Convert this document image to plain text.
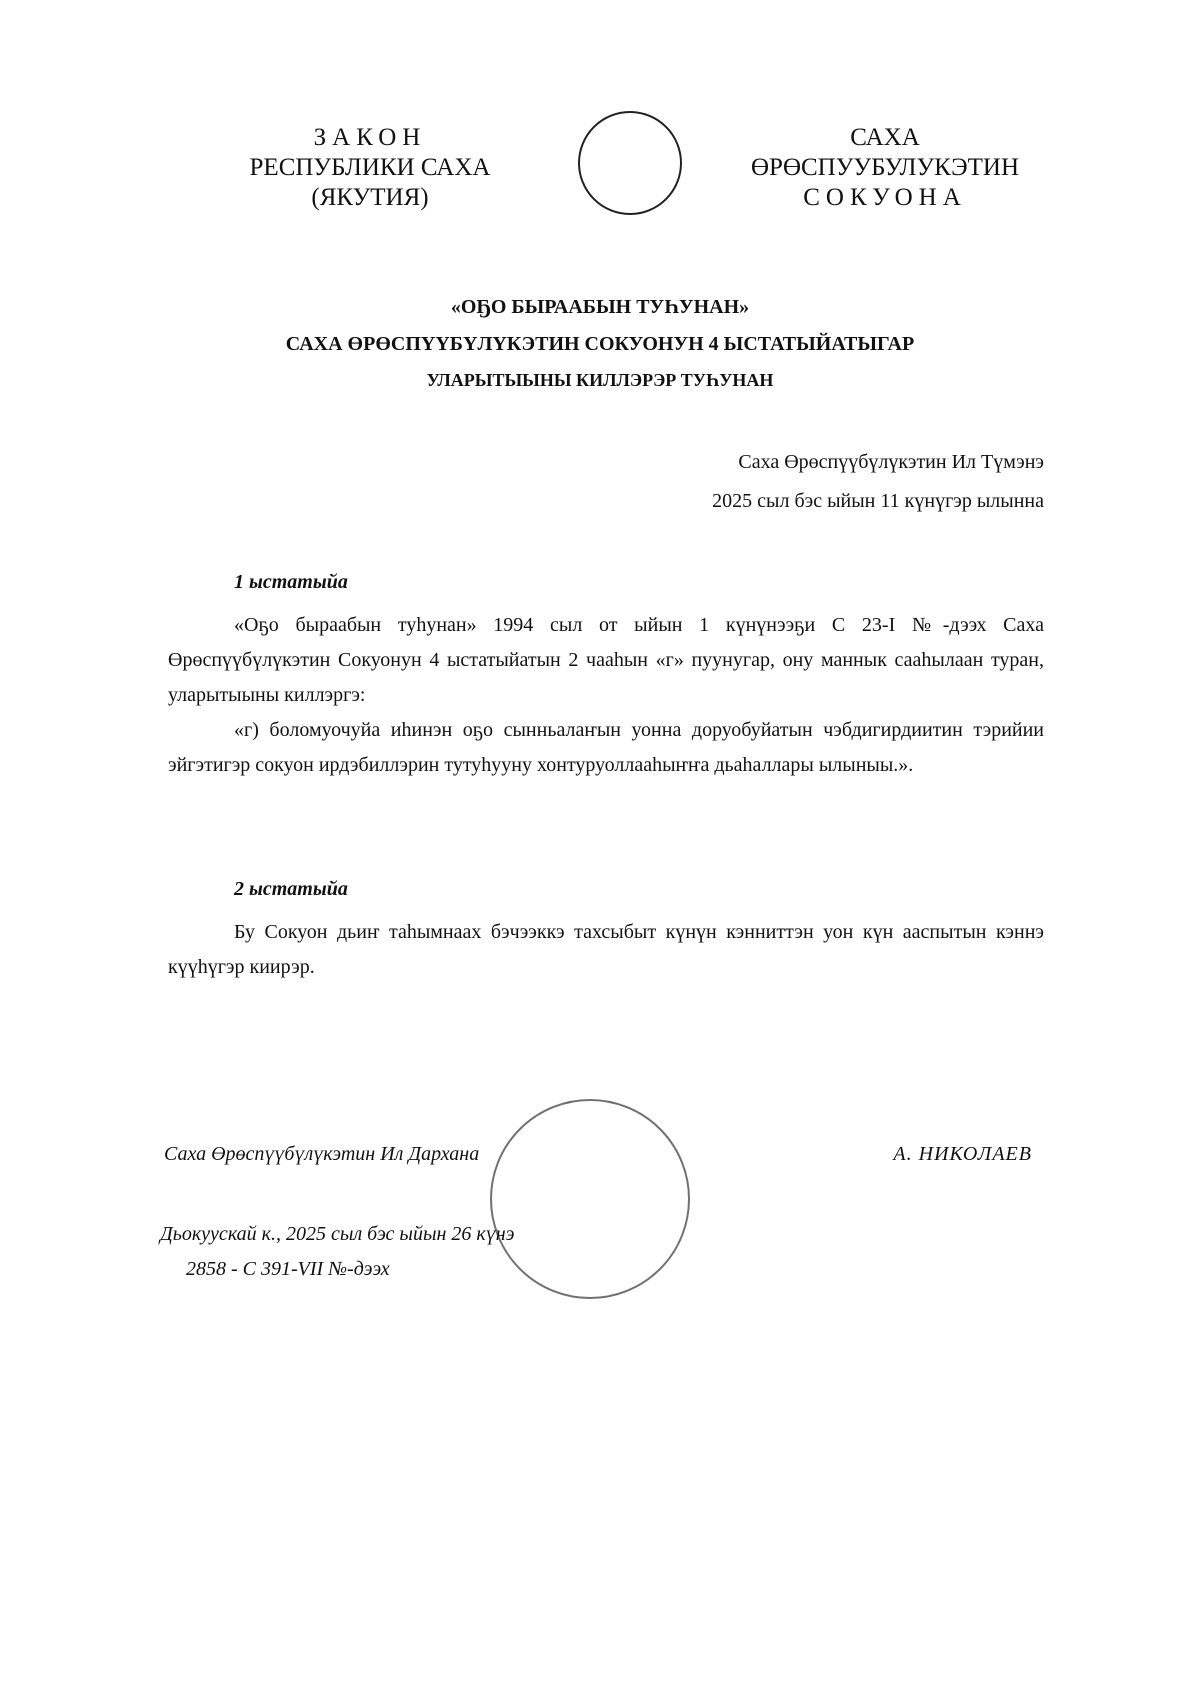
ЗАКОН
РЕСПУБЛИКИ САХА (ЯКУТИЯ)
САХА ӨРӨСПУУБУЛУКЭТИН
СОКУОНА
«ОҔО БЫРААБЫН ТУҺУНАН»
САХА ӨРӨСПҮҮБҮЛҮКЭТИН СОКУОНУН 4 ЫСТАТЫЙАТЫГАР
УЛАРЫТЫЫНЫ КИЛЛЭРЭР ТУҺУНАН
Саха Өрөспүүбүлүкэтин Ил Түмэнэ
2025 сыл бэс ыйын 11 күнүгэр ылынна

1 ыстатыйа

«Оҕо быраабын туһунан» 1994 сыл от ыйын 1 күнүнээҕи С 23-I №-дээх Саха Өрөспүүбүлүкэтин Сокуонун 4 ыстатыйатын 2 чааһын «г» пуунугар, ону маннык сааһылаан туран, уларытыыны киллэргэ:

«г) боломуочуйа иһинэн оҕо сынньалаҥын уонна доруобуйатын чэбдигирдиитин тэрийии эйгэтигэр сокуон ирдэбиллэрин тутуһууну хонтуруоллааһыҥҥа дьаһаллары ылыныы.».

2 ыстатыйа

Бу Сокуон дьиҥ таһымнаах бэчээккэ тахсыбыт күнүн кэнниттэн уон күн ааспытын кэннэ күүһүгэр киирэр.

Саха Өрөспүүбүлүкэтин Ил Дархана	А. НИКОЛАЕВ
Дьокуускай к., 2025 сыл бэс ыйын 26 күнэ
2858 - С 391-VII №-дээх
